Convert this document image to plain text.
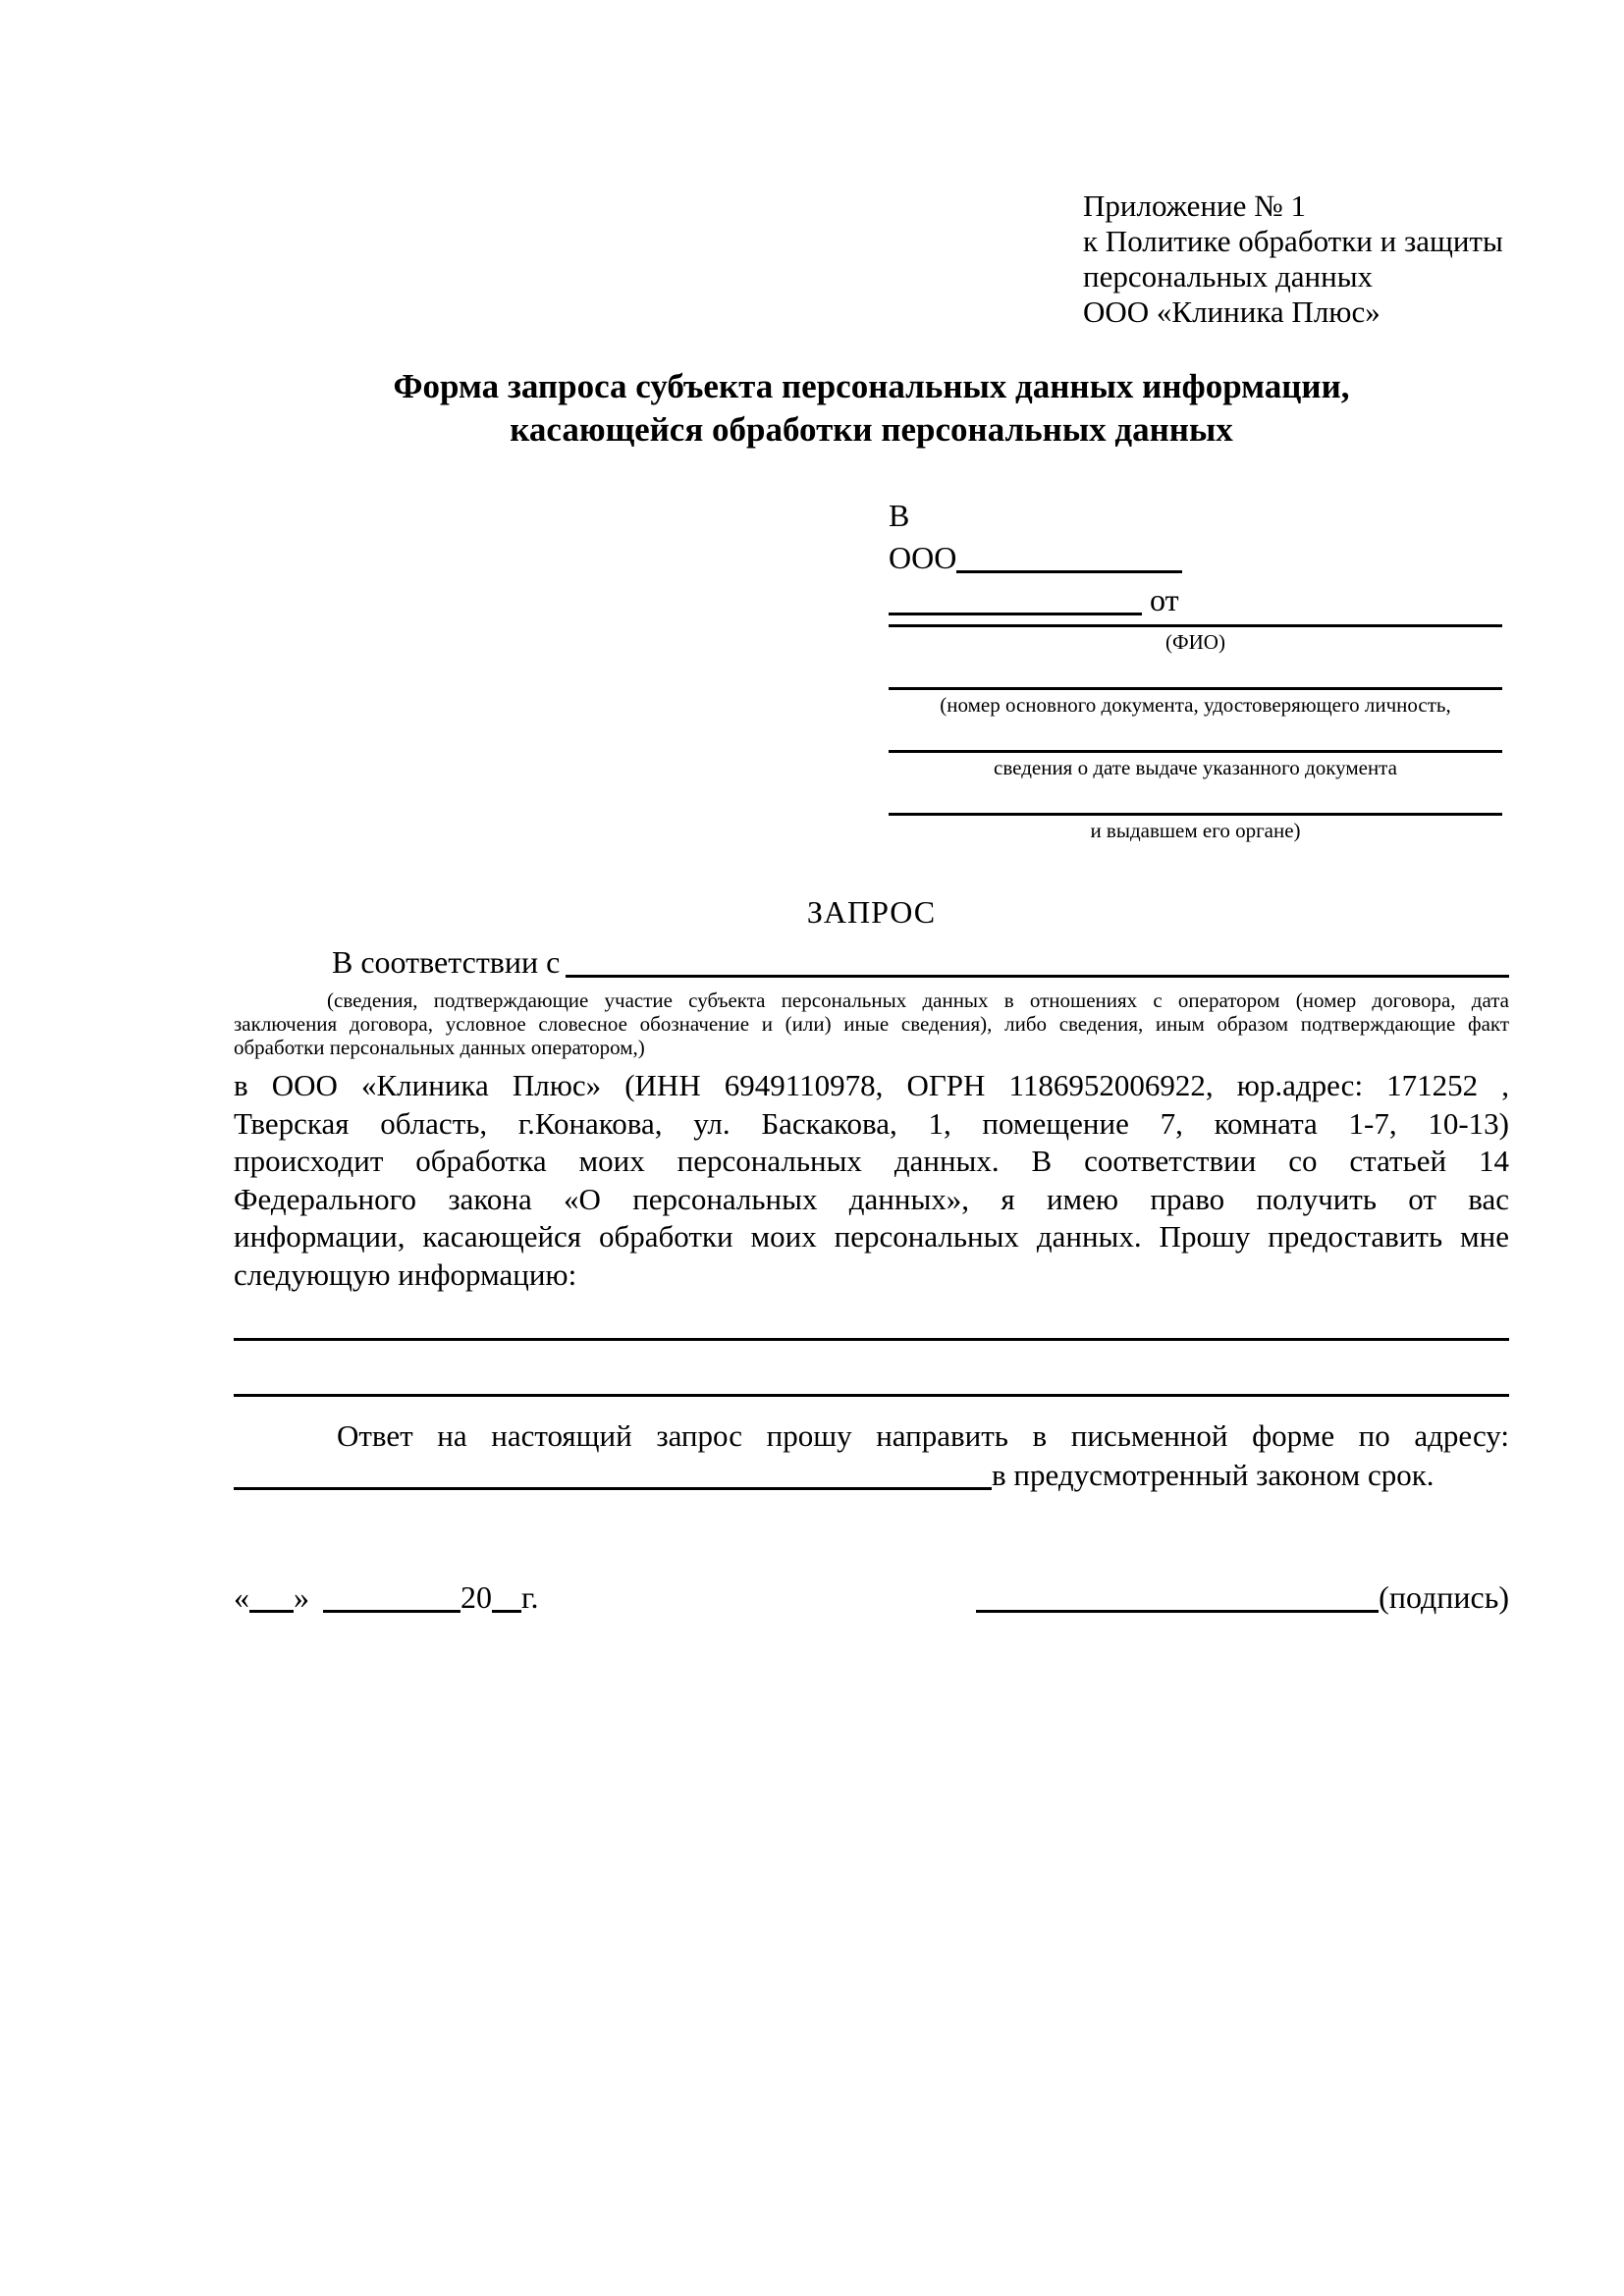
Приложение № 1
к Политике обработки и защиты
персональных данных
ООО «Клиника Плюс»
Форма запроса субъекта персональных данных информации,
касающейся обработки персональных данных
В
ООО
от
(ФИО)
(номер основного документа, удостоверяющего личность,
сведения о дате выдаче указанного документа
и выдавшем его органе)
ЗАПРОС
В соответствии с
(сведения, подтверждающие участие субъекта персональных данных в отношениях с оператором (номер договора, дата
заключения договора, условное словесное обозначение и (или) иные сведения), либо сведения, иным образом подтверждающие факт
обработки персональных данных оператором,)
в ООО «Клиника Плюс» (ИНН 6949110978, ОГРН 1186952006922, юр.адрес: 171252 ,
Тверская область, г.Конакова, ул. Баскакова, 1, помещение 7, комната 1-7, 10-13)
происходит обработка моих персональных данных. В соответствии со статьей 14
Федерального закона «О персональных данных», я имею право получить от вас
информации, касающейся обработки моих персональных данных. Прошу предоставить мне
следующую информацию:
Ответ на настоящий запрос прошу направить в письменной форме по адресу:
в предусмотренный законом срок.
« »	20 г.	(подпись)
